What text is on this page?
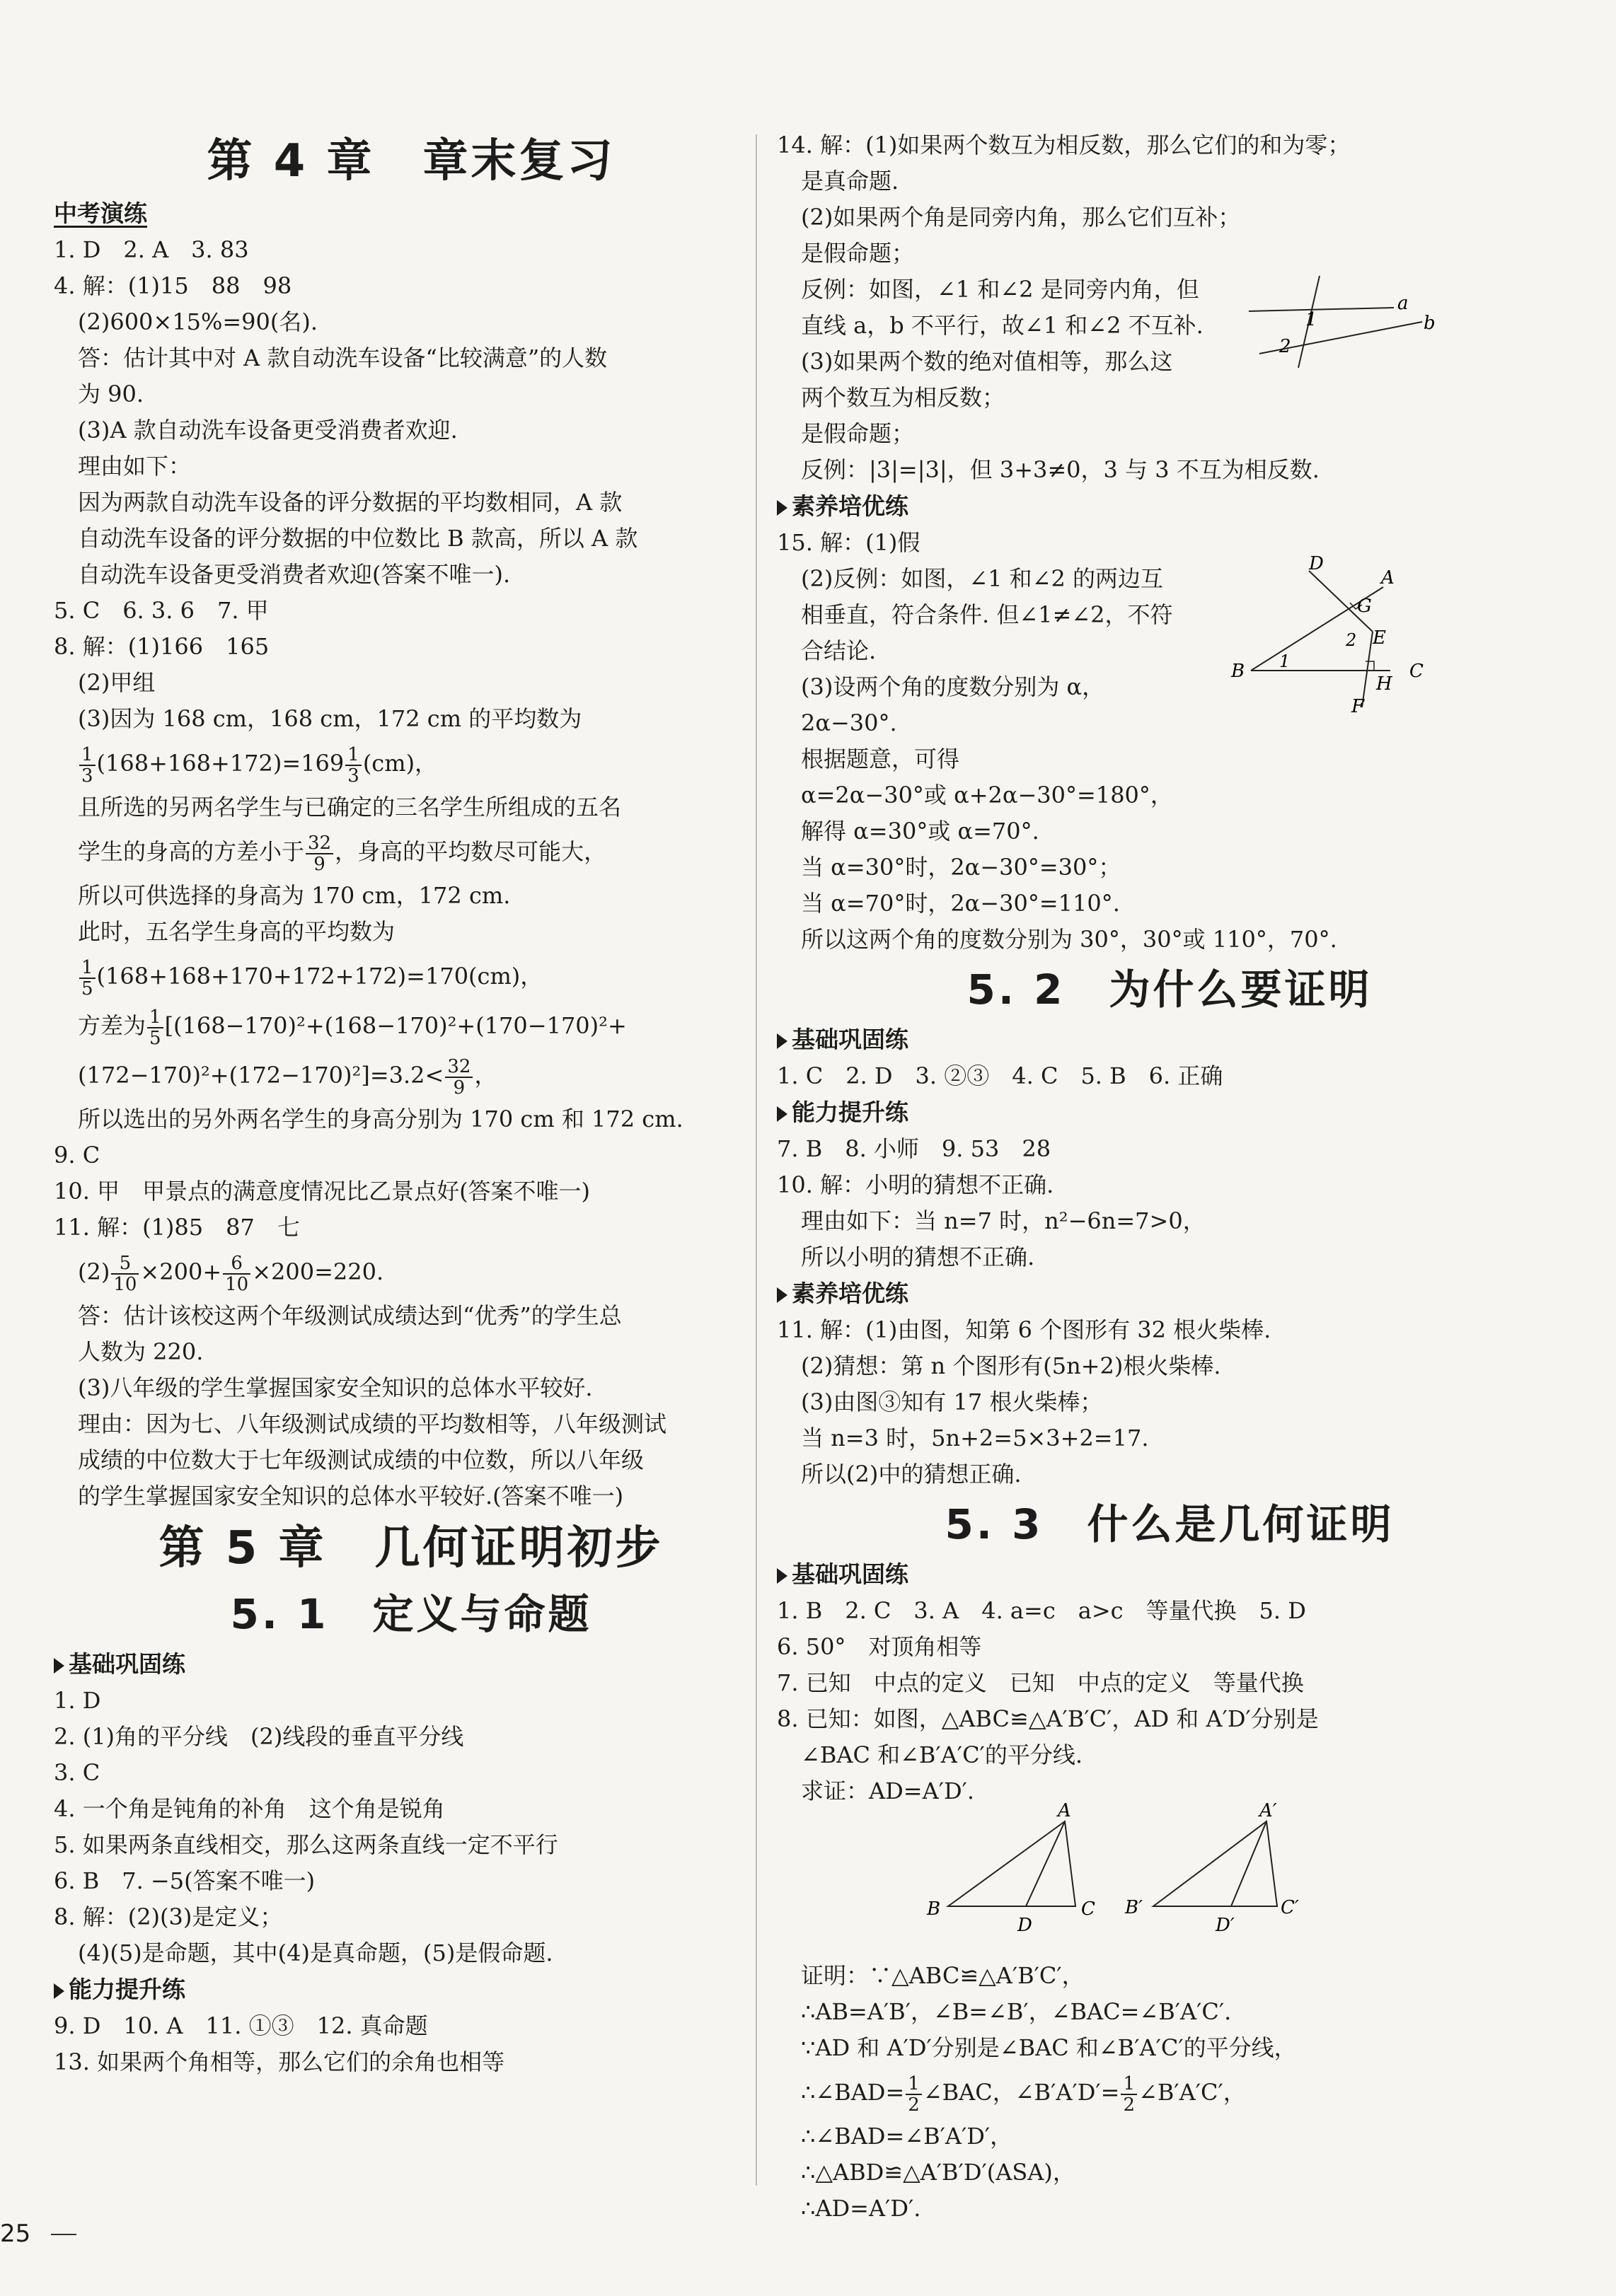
第 4 章　章末复习
中考演练
1. D　2. A　3. 83
4. 解：(1)15　88　98
(2)600×15%=90(名).
答：估计其中对 A 款自动洗车设备“比较满意”的人数
为 90.
(3)A 款自动洗车设备更受消费者欢迎.
理由如下：
因为两款自动洗车设备的评分数据的平均数相同，A 款
自动洗车设备的评分数据的中位数比 B 款高，所以 A 款
自动洗车设备更受消费者欢迎(答案不唯一).
5. C　6. 3. 6　7. 甲
8. 解：(1)166　165
(2)甲组
(3)因为 168 cm，168 cm，172 cm 的平均数为
$\frac{1}{3} (168+168+172)=169 \frac{1}{3} (cm)$，
且所选的另两名学生与已确定的三名学生所组成的五名
学生的身高的方差小于 $\frac{32}{9}$ ，身高的平均数尽可能大，
所以可供选择的身高为 170 cm，172 cm.
此时，五名学生身高的平均数为
$\frac{1}{5} (168+168+170+172+172)=170(cm)$，
方差为 $\frac{1}{5} [(168-170)^2+(168-170)^2+(170-170)^2+$
$(172-170)^2+(172-170)^2]=3.2< \frac{32}{9}$ ，
所以选出的另外两名学生的身高分别为 170 cm 和 172 cm.
9. C
10. 甲　甲景点的满意度情况比乙景点好(答案不唯一)
11. 解：(1)85　87　七
$(2) \frac{5}{10} \times 200+ \frac{6}{10} \times 200=220$.
答：估计该校这两个年级测试成绩达到“优秀”的学生总
人数为 220.
(3)八年级的学生掌握国家安全知识的总体水平较好.
理由：因为七、八年级测试成绩的平均数相等，八年级测试
成绩的中位数大于七年级测试成绩的中位数，所以八年级
的学生掌握国家安全知识的总体水平较好.(答案不唯一)
第 5 章　几何证明初步
5. 1　定义与命题
基础巩固练
1. D
2. (1)角的平分线　(2)线段的垂直平分线
3. C
4. 一个角是钝角的补角　这个角是锐角
5. 如果两条直线相交，那么这两条直线一定不平行
6. B　7. −5(答案不唯一)
8. 解：(2)(3)是定义；
(4)(5)是命题，其中(4)是真命题，(5)是假命题.
能力提升练
9. D　10. A　11. ①③　12. 真命题
13. 如果两个角相等，那么它们的余角也相等
14. 解：(1)如果两个数互为相反数，那么它们的和为零；
是真命题.
(2)如果两个角是同旁内角，那么它们互补；
是假命题；
反例：如图，∠1 和∠2 是同旁内角，但
直线 a，b 不平行，故∠1 和∠2 不互补.
(3)如果两个数的绝对值相等，那么这
两个数互为相反数；
是假命题；
反例：|3|=|3|，但 3+3≠0，3 与 3 不互为相反数.
素养培优练
15. 解：(1)假
(2)反例：如图，∠1 和∠2 的两边互
相垂直，符合条件. 但∠1≠∠2，不符
合结论.
(3)设两个角的度数分别为 α，
2α−30°.
根据题意，可得
α=2α−30°或 α+2α−30°=180°，
解得 α=30°或 α=70°.
当 α=30°时，2α−30°=30°；
当 α=70°时，2α−30°=110°.
所以这两个角的度数分别为 30°，30°或 110°，70°.
5. 2　为什么要证明
基础巩固练
1. C　2. D　3. ②③　4. C　5. B　6. 正确
能力提升练
7. B　8. 小师　9. 53　28
10. 解：小明的猜想不正确.
理由如下：当 n=7 时，n²−6n=7>0，
所以小明的猜想不正确.
素养培优练
11. 解：(1)由图，知第 6 个图形有 32 根火柴棒.
(2)猜想：第 n 个图形有(5n+2)根火柴棒.
(3)由图③知有 17 根火柴棒；
当 n=3 时，5n+2=5×3+2=17.
所以(2)中的猜想正确.
5. 3　什么是几何证明
基础巩固练
1. B　2. C　3. A　4. a=c　a>c　等量代换　5. D
6. 50°　对顶角相等
7. 已知　中点的定义　已知　中点的定义　等量代换
8. 已知：如图，△ABC≌△A′B′C′，AD 和 A′D′分别是
∠BAC 和∠B′A′C′的平分线.
求证：AD=A′D′.
证明：∵△ABC≌△A′B′C′，
∴AB=A′B′，∠B=∠B′，∠BAC=∠B′A′C′.
∵AD 和 A′D′分别是∠BAC 和∠B′A′C′的平分线，
∴∠BAD= $\frac{1}{2}$ ∠BAC，∠B′A′D′= $\frac{1}{2}$ ∠B′A′C′，
∴∠BAD=∠B′A′D′，
∴△ABD≌△A′B′D′(ASA)，
∴AD=A′D′.
a
b
1
2
D
A
G
E
2
B 1
H
C
F
A
B
D
C
A′
B′
D′
C′
25
